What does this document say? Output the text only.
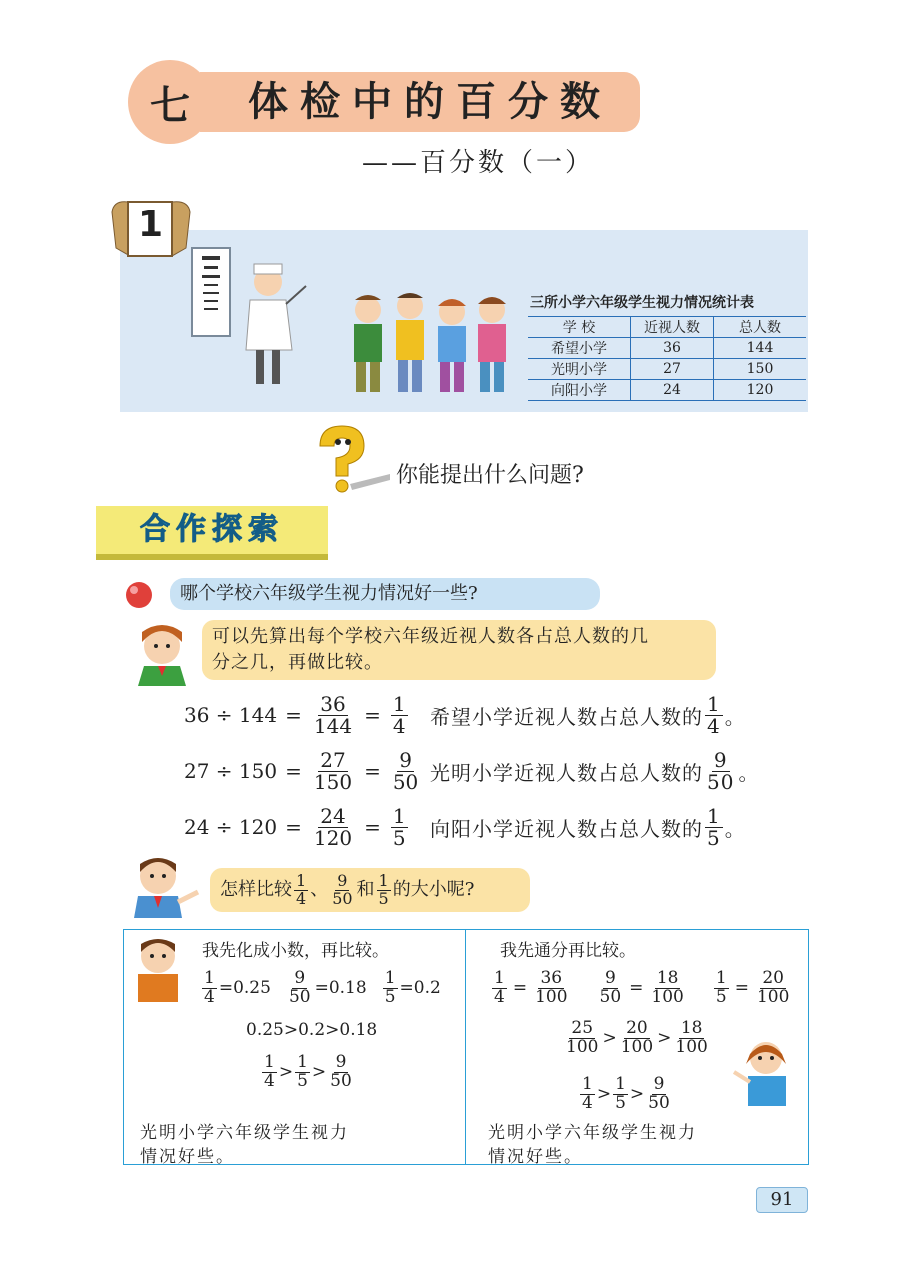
体检中的百分数
七
——百分数（一）
1
三所小学六年级学生视力情况统计表
学 校	近视人数	总人数
希望小学	36	144
光明小学	27	150
向阳小学	24	120
你能提出什么问题?
合作探索
哪个学校六年级学生视力情况好一些?
可以先算出每个学校六年级近视人数各占总人数的几
分之几，再做比较。
$36 \div 144 = \frac{36}{144} = \frac{1}{4}$ 希望小学近视人数占总人数的 $\frac{1}{4}$ 。
$27 \div 150 = \frac{27}{150} = \frac{9}{50}$ 光明小学近视人数占总人数的 $\frac{9}{50}$ 。
$24 \div 120 = \frac{24}{120} = \frac{1}{5}$ 向阳小学近视人数占总人数的 $\frac{1}{5}$ 。
怎样比较 $\frac{1}{4}$ 、 $\frac{9}{50}$ 和 $\frac{1}{5}$ 的大小呢?
我先化成小数，再比较。
$\frac{1}{4} =0.25 \frac{9}{50} =0.18 \frac{1}{5} =0.2$
0.25>0.2>0.18
$\frac{1}{4} > \frac{1}{5} > \frac{9}{50}$
光明小学六年级学生视力
情况好些。
我先通分再比较。
$\frac{1}{4} = \frac{36}{100} \frac{9}{50} = \frac{18}{100} \frac{1}{5} = \frac{20}{100}$
$\frac{25}{100} > \frac{20}{100} > \frac{18}{100}$
$\frac{1}{4} > \frac{1}{5} > \frac{9}{50}$
光明小学六年级学生视力
情况好些。
91
